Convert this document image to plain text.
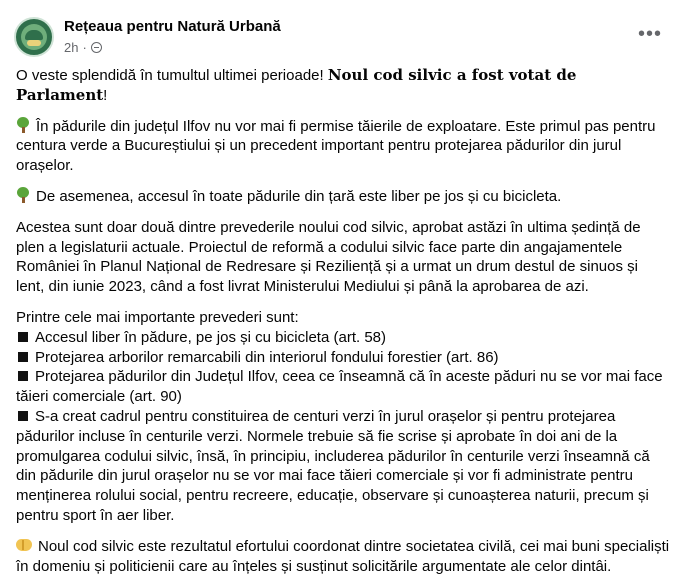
Rețeaua pentru Natură Urbană
2h ·
•••

O veste splendidă în tumultul ultimei perioade! Noul cod silvic a fost votat de Parlament!

În pădurile din județul Ilfov nu vor mai fi permise tăierile de exploatare. Este primul pas pentru centura verde a Bucureștiului și un precedent important pentru protejarea pădurilor din jurul orașelor.

De asemenea, accesul în toate pădurile din țară este liber pe jos și cu bicicleta.

Acestea sunt doar două dintre prevederile noului cod silvic, aprobat astăzi în ultima ședință de plen a legislaturii actuale. Proiectul de reformă a codului silvic face parte din angajamentele României în Planul Național de Redresare și Reziliență și a urmat un drum destul de sinuos și lent, din iunie 2023, când a fost livrat Ministerului Mediului și până la aprobarea de azi.

Printre cele mai importante prevederi sunt:
Accesul liber în pădure, pe jos și cu bicicleta (art. 58)
Protejarea arborilor remarcabili din interiorul fondului forestier (art. 86)
Protejarea pădurilor din Județul Ilfov, ceea ce înseamnă că în aceste păduri nu se vor mai face tăieri comerciale (art. 90)
S-a creat cadrul pentru constituirea de centuri verzi în jurul orașelor și pentru protejarea pădurilor incluse în centurile verzi. Normele trebuie să fie scrise și aprobate în doi ani de la promulgarea codului silvic, însă, în principiu, includerea pădurilor în centurile verzi înseamnă că din pădurile din jurul orașelor nu se vor mai face tăieri comerciale și vor fi administrate pentru menținerea rolului social, pentru recreere, educație, observare și cunoașterea naturii, precum și pentru sport în aer liber.

Noul cod silvic este rezultatul efortului coordonat dintre societatea civilă, cei mai buni specialiști în domeniu și politicienii care au înțeles și susținut solicitările argumentate ale celor dintâi.
